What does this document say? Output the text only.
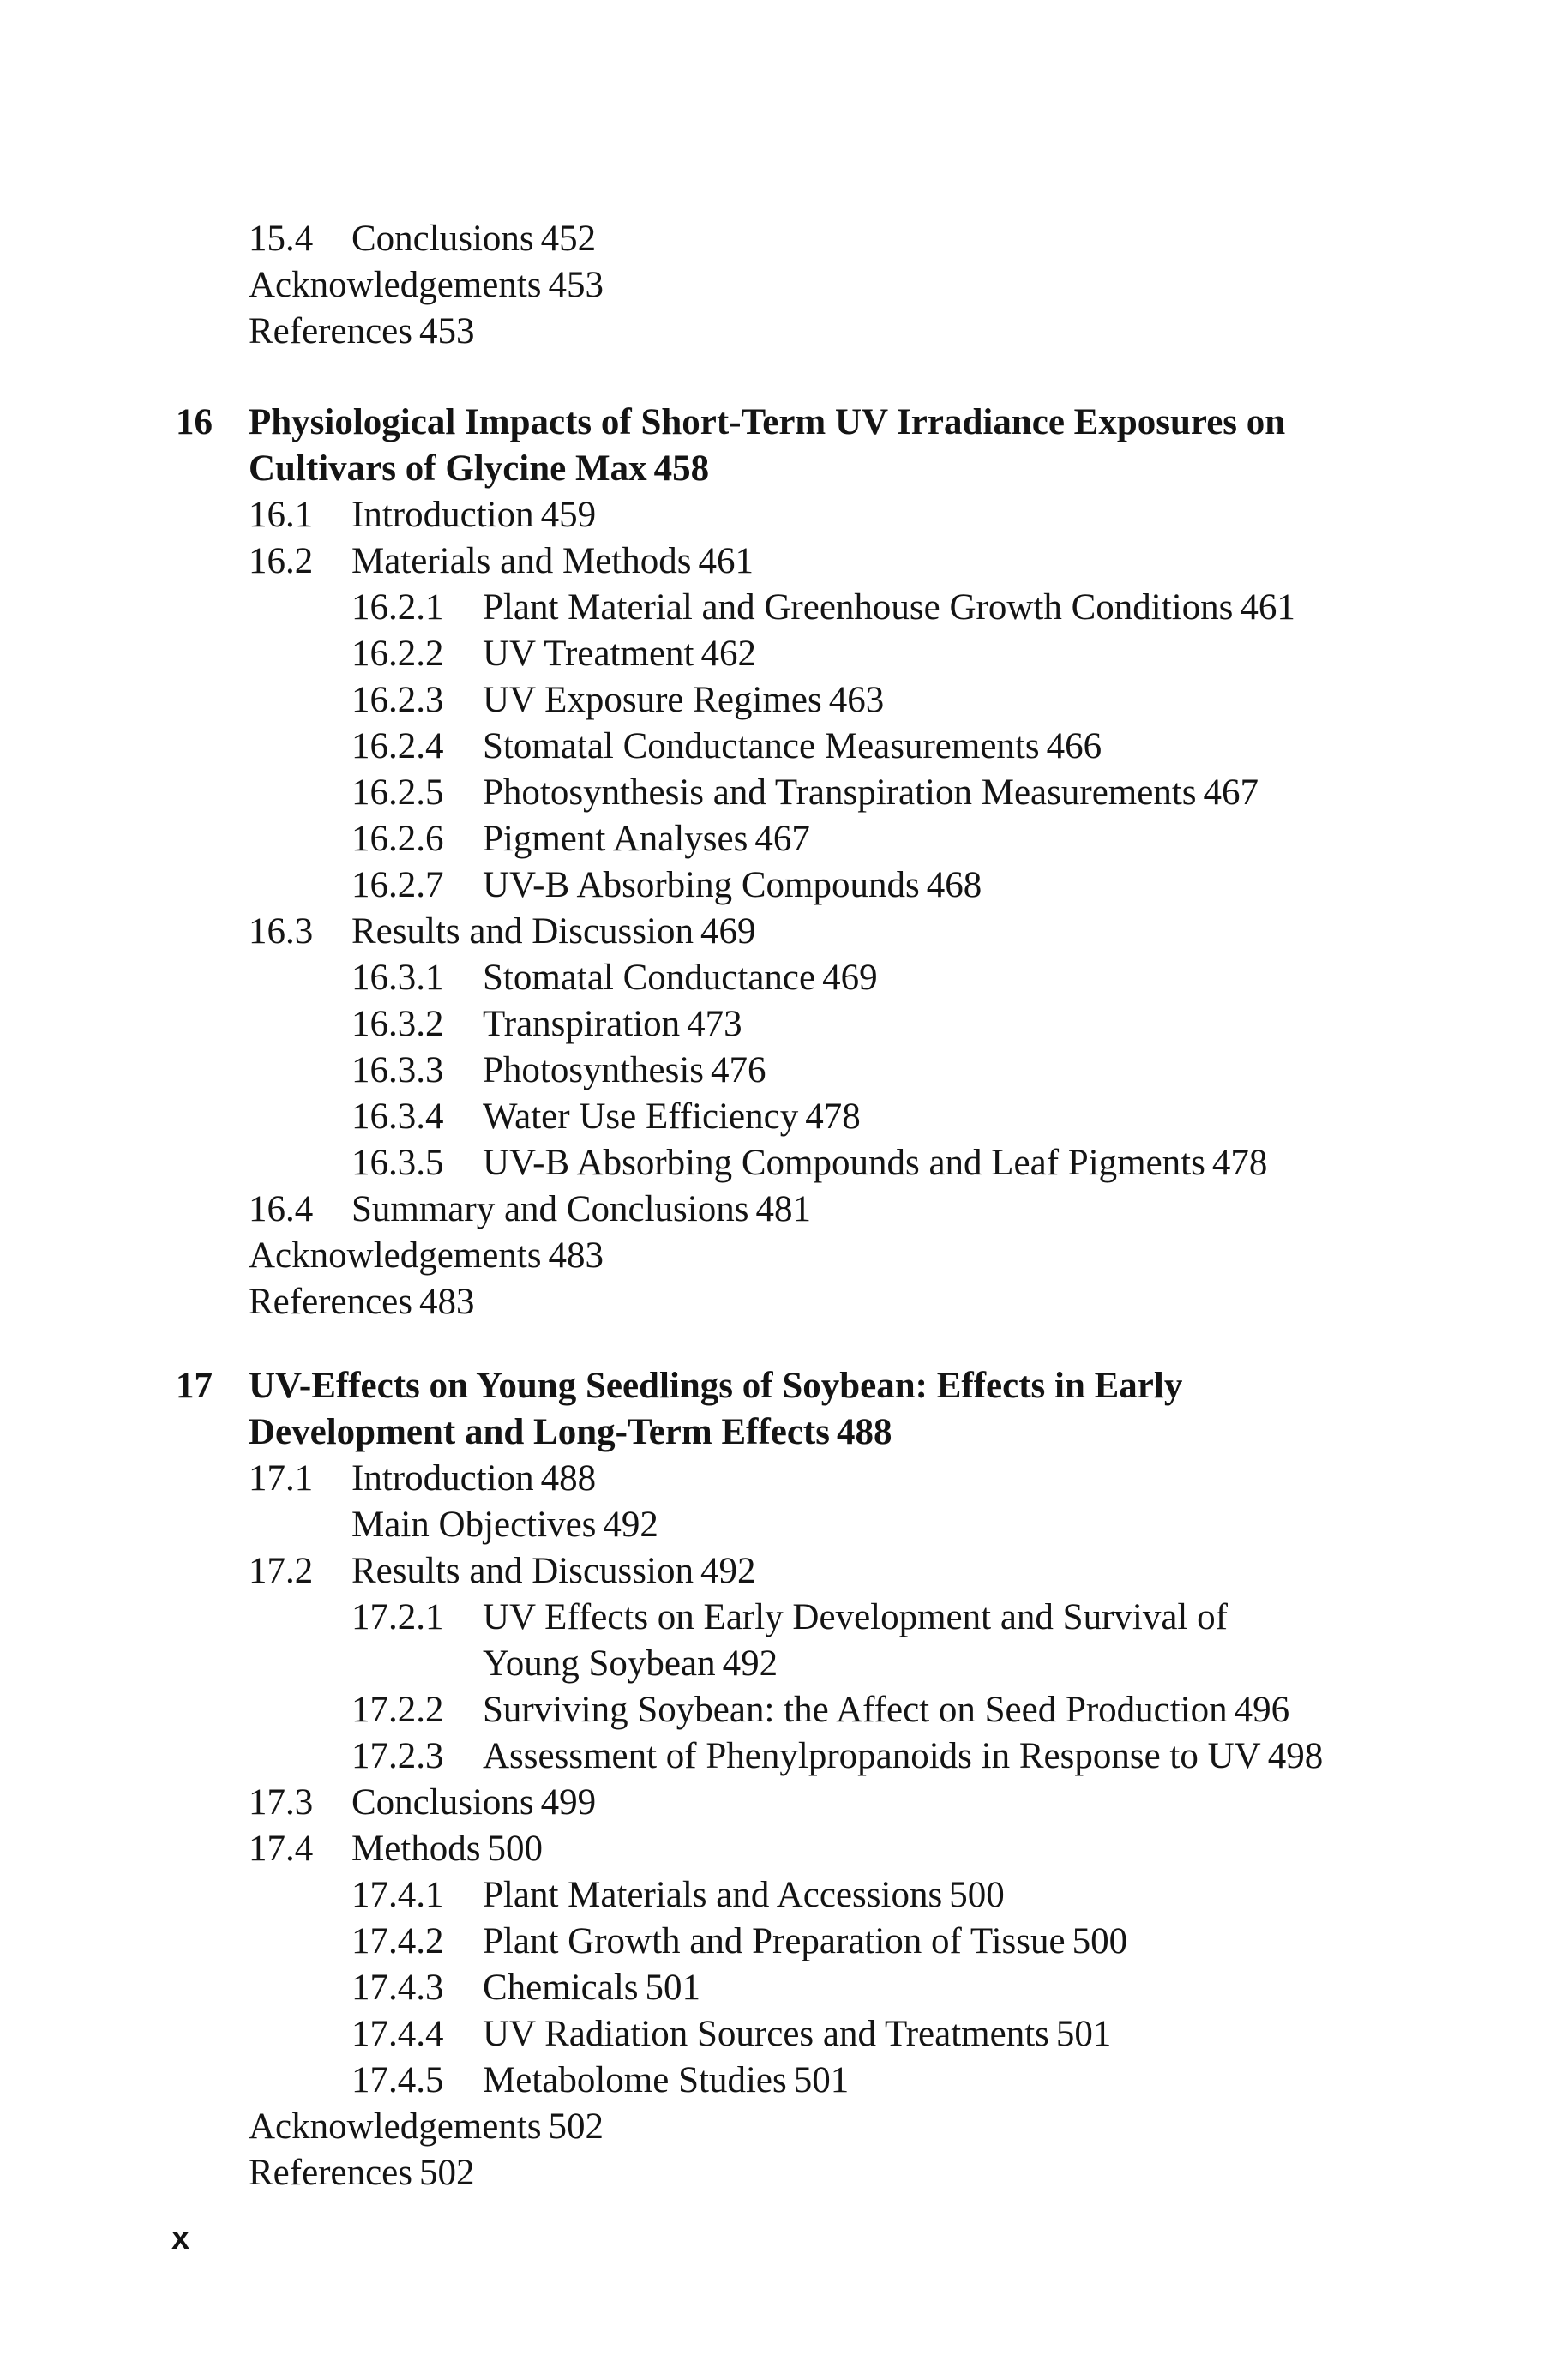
15.4 Conclusions 452
Acknowledgements 453
References 453
16 Physiological Impacts of Short-Term UV Irradiance Exposures on
Cultivars of Glycine Max 458
16.1 Introduction 459
16.2 Materials and Methods 461
16.2.1 Plant Material and Greenhouse Growth Conditions 461
16.2.2 UV Treatment 462
16.2.3 UV Exposure Regimes 463
16.2.4 Stomatal Conductance Measurements 466
16.2.5 Photosynthesis and Transpiration Measurements 467
16.2.6 Pigment Analyses 467
16.2.7 UV-B Absorbing Compounds 468
16.3 Results and Discussion 469
16.3.1 Stomatal Conductance 469
16.3.2 Transpiration 473
16.3.3 Photosynthesis 476
16.3.4 Water Use Efficiency 478
16.3.5 UV-B Absorbing Compounds and Leaf Pigments 478
16.4 Summary and Conclusions 481
Acknowledgements 483
References 483
17 UV-Effects on Young Seedlings of Soybean: Effects in Early
Development and Long-Term Effects 488
17.1 Introduction 488
Main Objectives 492
17.2 Results and Discussion 492
17.2.1 UV Effects on Early Development and Survival of
Young Soybean 492
17.2.2 Surviving Soybean: the Affect on Seed Production 496
17.2.3 Assessment of Phenylpropanoids in Response to UV 498
17.3 Conclusions 499
17.4 Methods 500
17.4.1 Plant Materials and Accessions 500
17.4.2 Plant Growth and Preparation of Tissue 500
17.4.3 Chemicals 501
17.4.4 UV Radiation Sources and Treatments 501
17.4.5 Metabolome Studies 501
Acknowledgements 502
References 502
x
